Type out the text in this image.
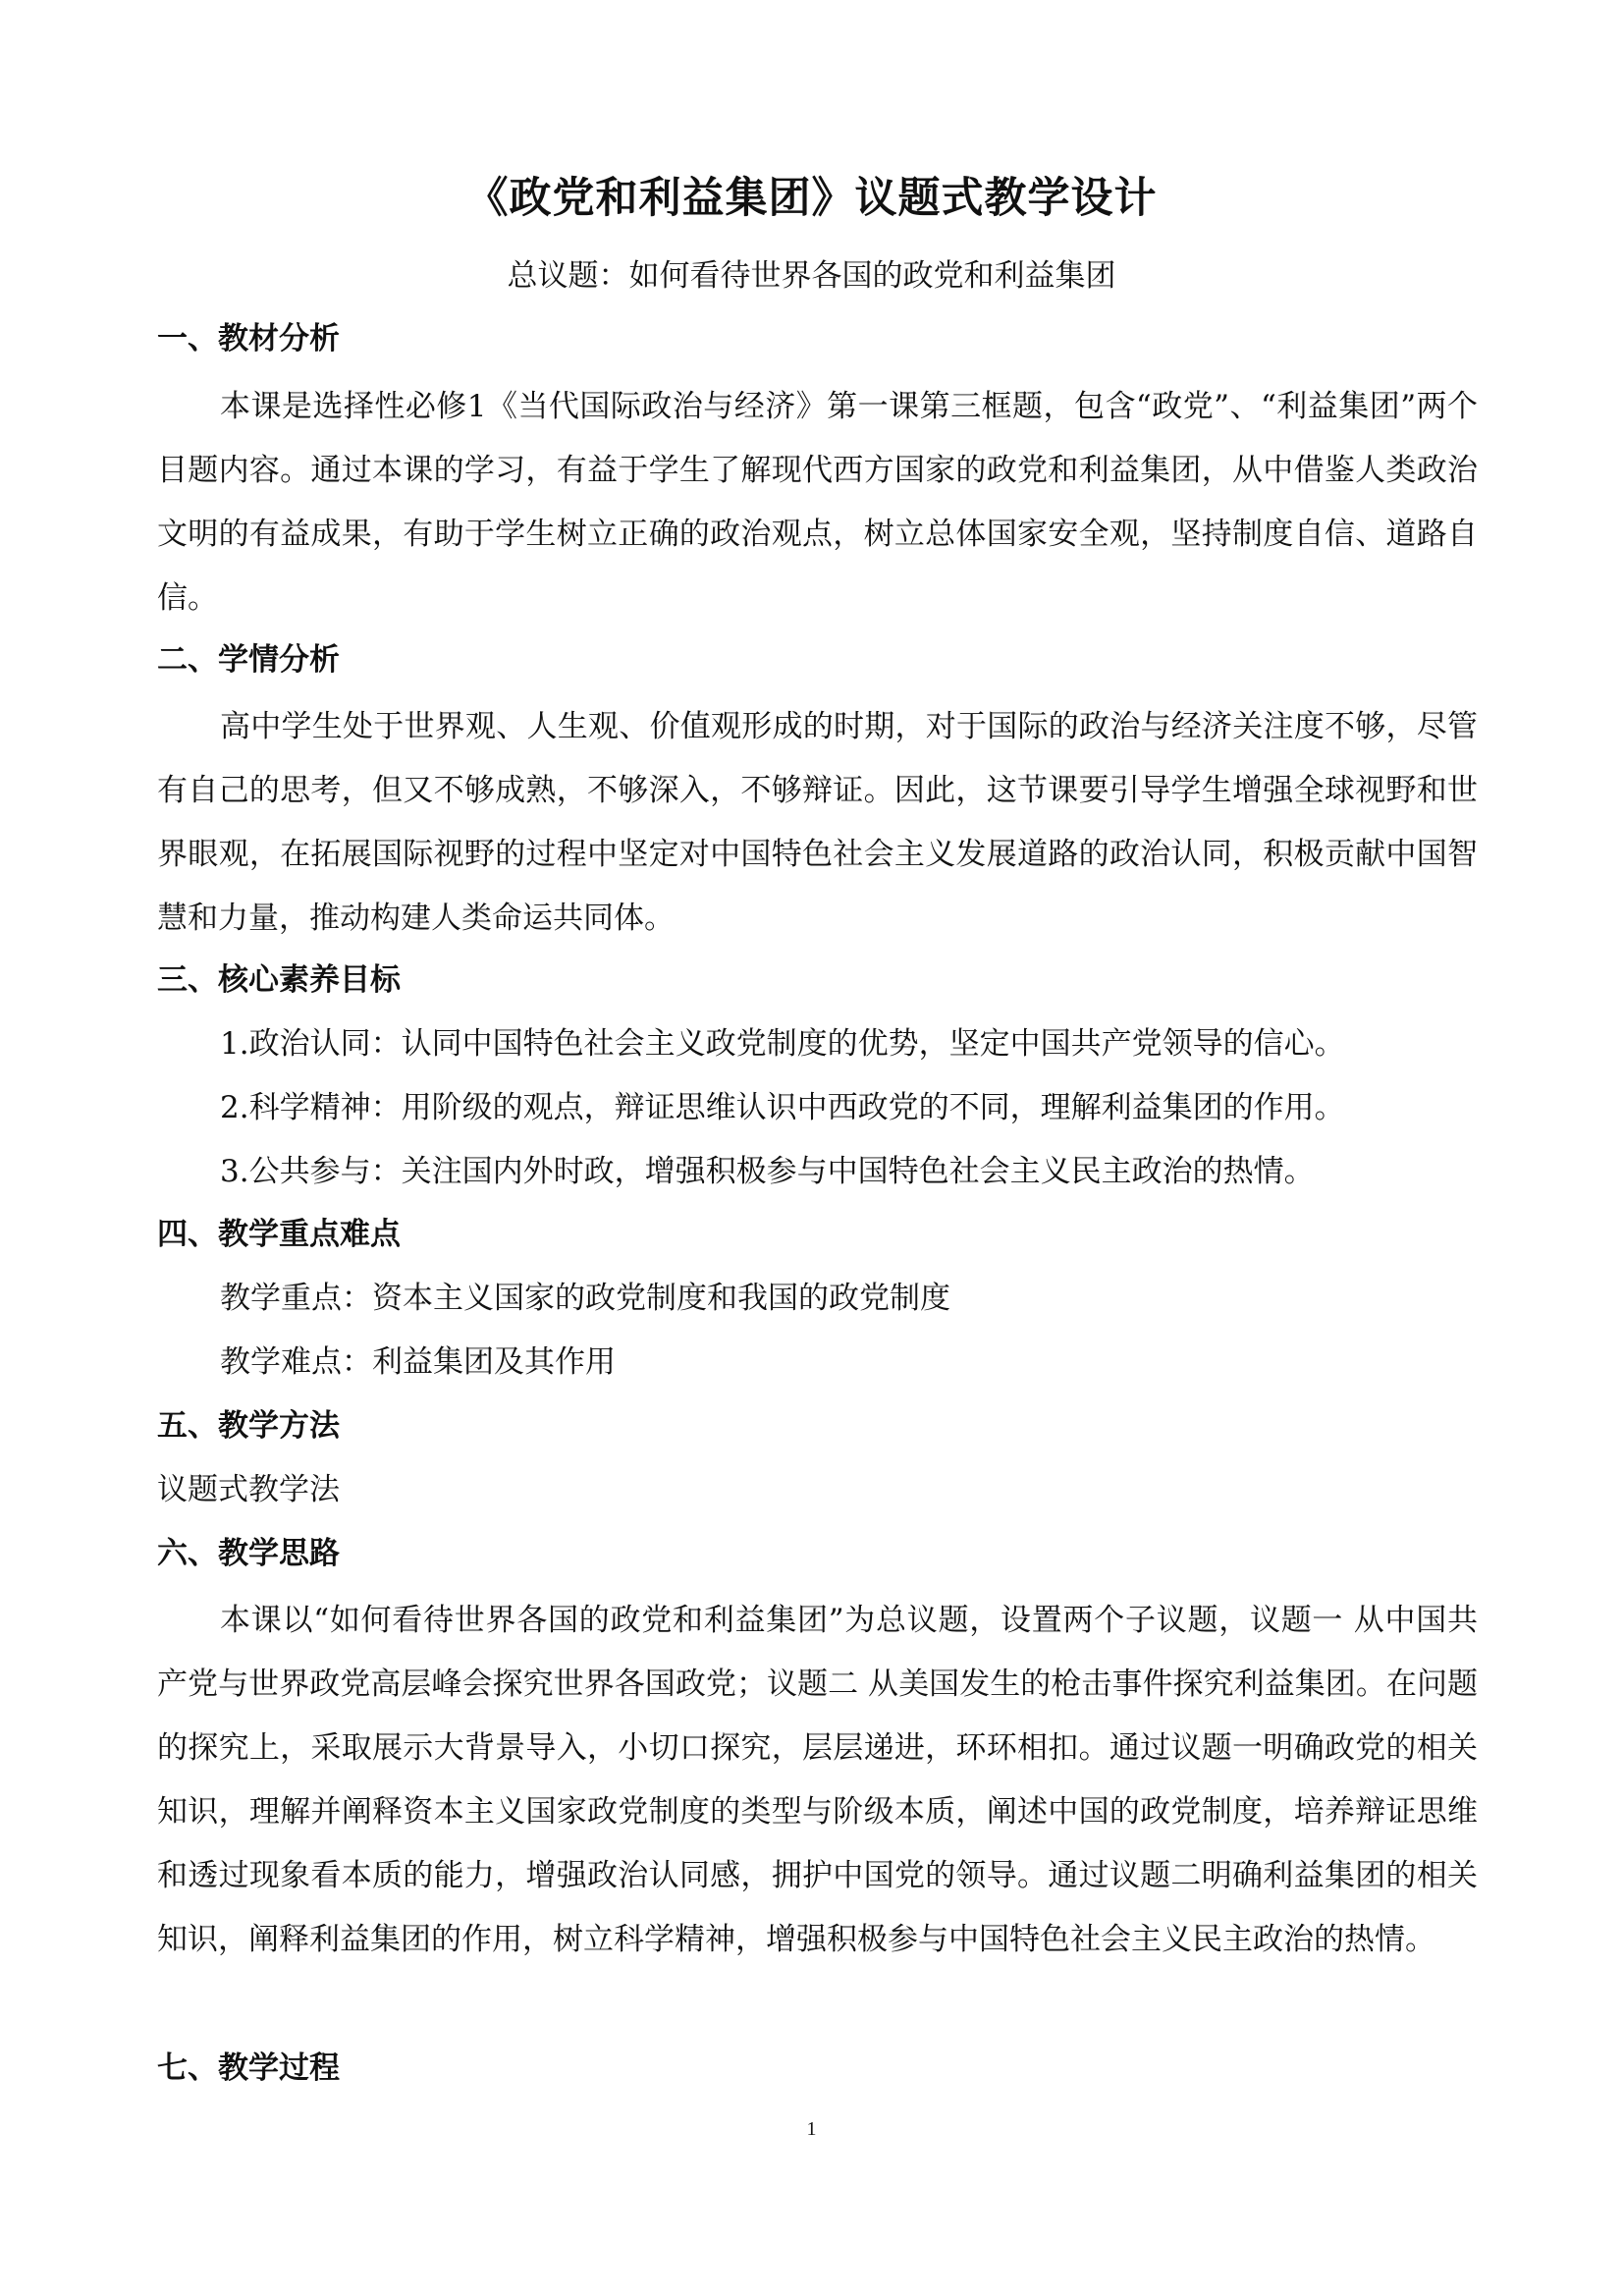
《政党和利益集团》议题式教学设计
总议题：如何看待世界各国的政党和利益集团
一、教材分析

本课是选择性必修1《当代国际政治与经济》第一课第三框题，包含“政党”、“利益集团”两个目题内容。通过本课的学习，有益于学生了解现代西方国家的政党和利益集团，从中借鉴人类政治文明的有益成果，有助于学生树立正确的政治观点，树立总体国家安全观，坚持制度自信、道路自信。

二、学情分析

高中学生处于世界观、人生观、价值观形成的时期，对于国际的政治与经济关注度不够，尽管有自己的思考，但又不够成熟，不够深入，不够辩证。因此，这节课要引导学生增强全球视野和世界眼观，在拓展国际视野的过程中坚定对中国特色社会主义发展道路的政治认同，积极贡献中国智慧和力量，推动构建人类命运共同体。

三、核心素养目标
1.政治认同：认同中国特色社会主义政党制度的优势，坚定中国共产党领导的信心。
2.科学精神：用阶级的观点，辩证思维认识中西政党的不同，理解利益集团的作用。
3.公共参与：关注国内外时政，增强积极参与中国特色社会主义民主政治的热情。
四、教学重点难点
教学重点：资本主义国家的政党制度和我国的政党制度
教学难点：利益集团及其作用
五、教学方法
议题式教学法
六、教学思路

本课以“如何看待世界各国的政党和利益集团”为总议题，设置两个子议题，议题一 从中国共产党与世界政党高层峰会探究世界各国政党；议题二 从美国发生的枪击事件探究利益集团。在问题的探究上，采取展示大背景导入，小切口探究，层层递进，环环相扣。通过议题一明确政党的相关知识，理解并阐释资本主义国家政党制度的类型与阶级本质，阐述中国的政党制度，培养辩证思维和透过现象看本质的能力，增强政治认同感，拥护中国党的领导。通过议题二明确利益集团的相关知识，阐释利益集团的作用，树立科学精神，增强积极参与中国特色社会主义民主政治的热情。

七、教学过程
1
